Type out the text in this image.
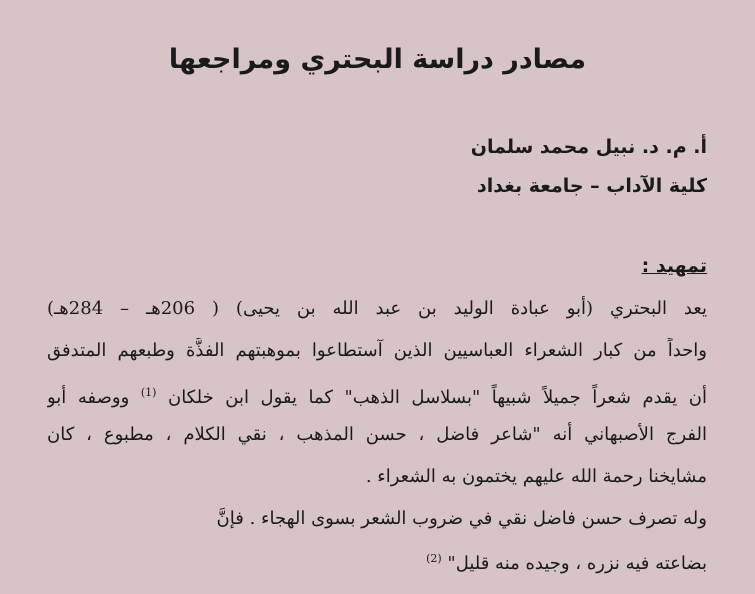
مصادر دراسة البحتري ومراجعها

أ. م. د. نبيل محمد سلمان

كلية الآداب – جامعة بغداد

تمهيد :

يعد البحتري (أبو عبادة الوليد بن عبد الله بن يحيى) ( 206هـ – 284هـ)

واحداً من كبار الشعراء العباسيين الذين آستطاعوا بموهبتهم الفذَّة وطبعهم المتدفق

أن يقدم شعراً جميلاً شبيهاً "بسلاسل الذهب" كما يقول ابن خلكان $^{(1)}$ ووصفه أبو

الفرج الأصبهاني أنه "شاعر فاضل ، حسن المذهب ، نقي الكلام ، مطبوع ، كان

مشايخنا رحمة الله عليهم يختمون به الشعراء .

وله تصرف حسن فاضل نقي في ضروب الشعر بسوى الهجاء . فإنَّ

بضاعته فيه نزره ، وجيده منه قليل" $^{(2)}$
